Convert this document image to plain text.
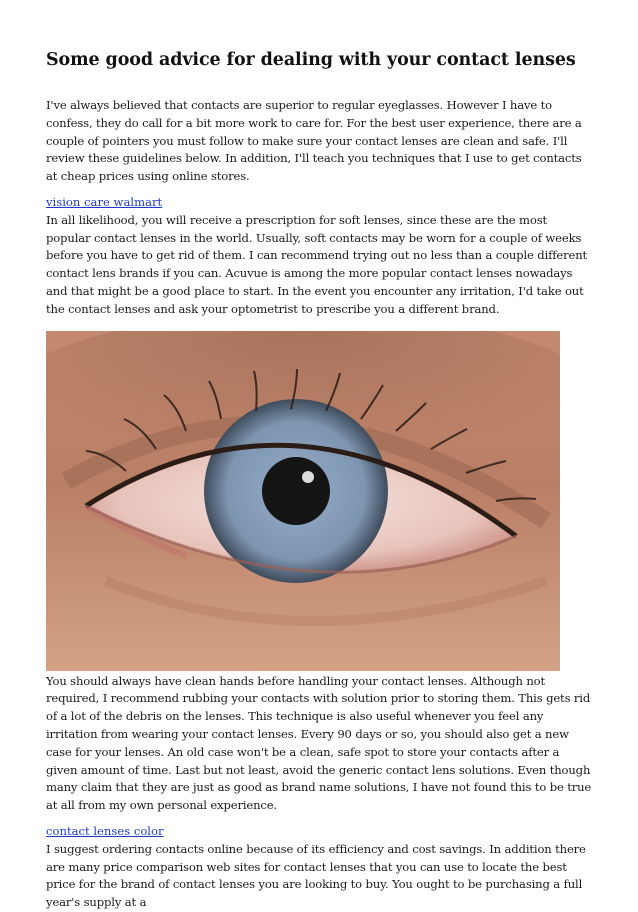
Some good advice for dealing with your contact lenses

I've always believed that contacts are superior to regular eyeglasses. However I have to confess, they do call for a bit more work to care for. For the best user experience, there are a couple of pointers you must follow to make sure your contact lenses are clean and safe. I'll review these guidelines below. In addition, I'll teach you techniques that I use to get contacts at cheap prices using online stores.

vision care walmart

In all likelihood, you will receive a prescription for soft lenses, since these are the most popular contact lenses in the world. Usually, soft contacts may be worn for a couple of weeks before you have to get rid of them. I can recommend trying out no less than a couple different contact lens brands if you can. Acuvue is among the more popular contact lenses nowadays and that might be a good place to start. In the event you encounter any irritation, I'd take out the contact lenses and ask your optometrist to prescribe you a different brand.

You should always have clean hands before handling your contact lenses. Although not required, I recommend rubbing your contacts with solution prior to storing them. This gets rid of a lot of the debris on the lenses. This technique is also useful whenever you feel any irritation from wearing your contact lenses. Every 90 days or so, you should also get a new case for your lenses. An old case won't be a clean, safe spot to store your contacts after a given amount of time. Last but not least, avoid the generic contact lens solutions. Even though many claim that they are just as good as brand name solutions, I have not found this to be true at all from my own personal experience.

contact lenses color

I suggest ordering contacts online because of its efficiency and cost savings. In addition there are many price comparison web sites for contact lenses that you can use to locate the best price for the brand of contact lenses you are looking to buy. You ought to be purchasing a full year's supply at a
